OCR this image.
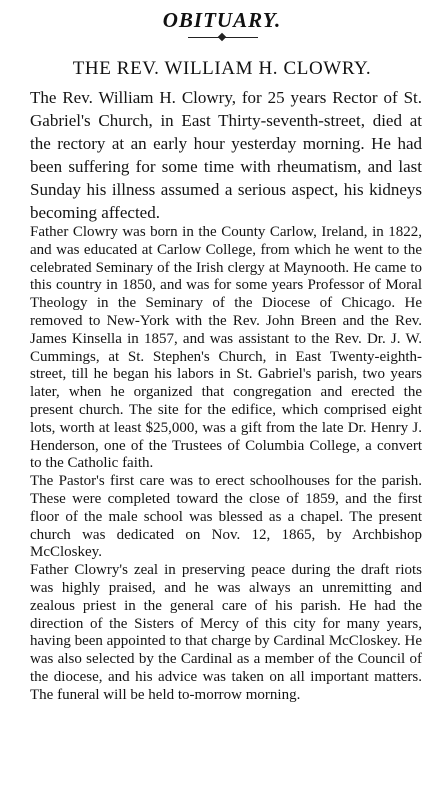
OBITUARY.
THE REV. WILLIAM H. CLOWRY.

The Rev. William H. Clowry, for 25 years Rector of St. Gabriel's Church, in East Thirty-seventh-street, died at the rectory at an early hour yesterday morning. He had been suffering for some time with rheumatism, and last Sunday his illness assumed a serious aspect, his kidneys becoming affected.

Father Clowry was born in the County Carlow, Ireland, in 1822, and was educated at Carlow College, from which he went to the celebrated Seminary of the Irish clergy at Maynooth. He came to this country in 1850, and was for some years Professor of Moral Theology in the Seminary of the Diocese of Chicago. He removed to New-York with the Rev. John Breen and the Rev. James Kinsella in 1857, and was assistant to the Rev. Dr. J. W. Cummings, at St. Stephen's Church, in East Twenty-eighth-street, till he began his labors in St. Gabriel's parish, two years later, when he organized that congregation and erected the present church. The site for the edifice, which comprised eight lots, worth at least $25,000, was a gift from the late Dr. Henry J. Henderson, one of the Trustees of Columbia College, a convert to the Catholic faith.

The Pastor's first care was to erect schoolhouses for the parish. These were completed toward the close of 1859, and the first floor of the male school was blessed as a chapel. The present church was dedicated on Nov. 12, 1865, by Archbishop McCloskey.

Father Clowry's zeal in preserving peace during the draft riots was highly praised, and he was always an unremitting and zealous priest in the general care of his parish. He had the direction of the Sisters of Mercy of this city for many years, having been appointed to that charge by Cardinal McCloskey. He was also selected by the Cardinal as a member of the Council of the diocese, and his advice was taken on all important matters. The funeral will be held to-morrow morning.
